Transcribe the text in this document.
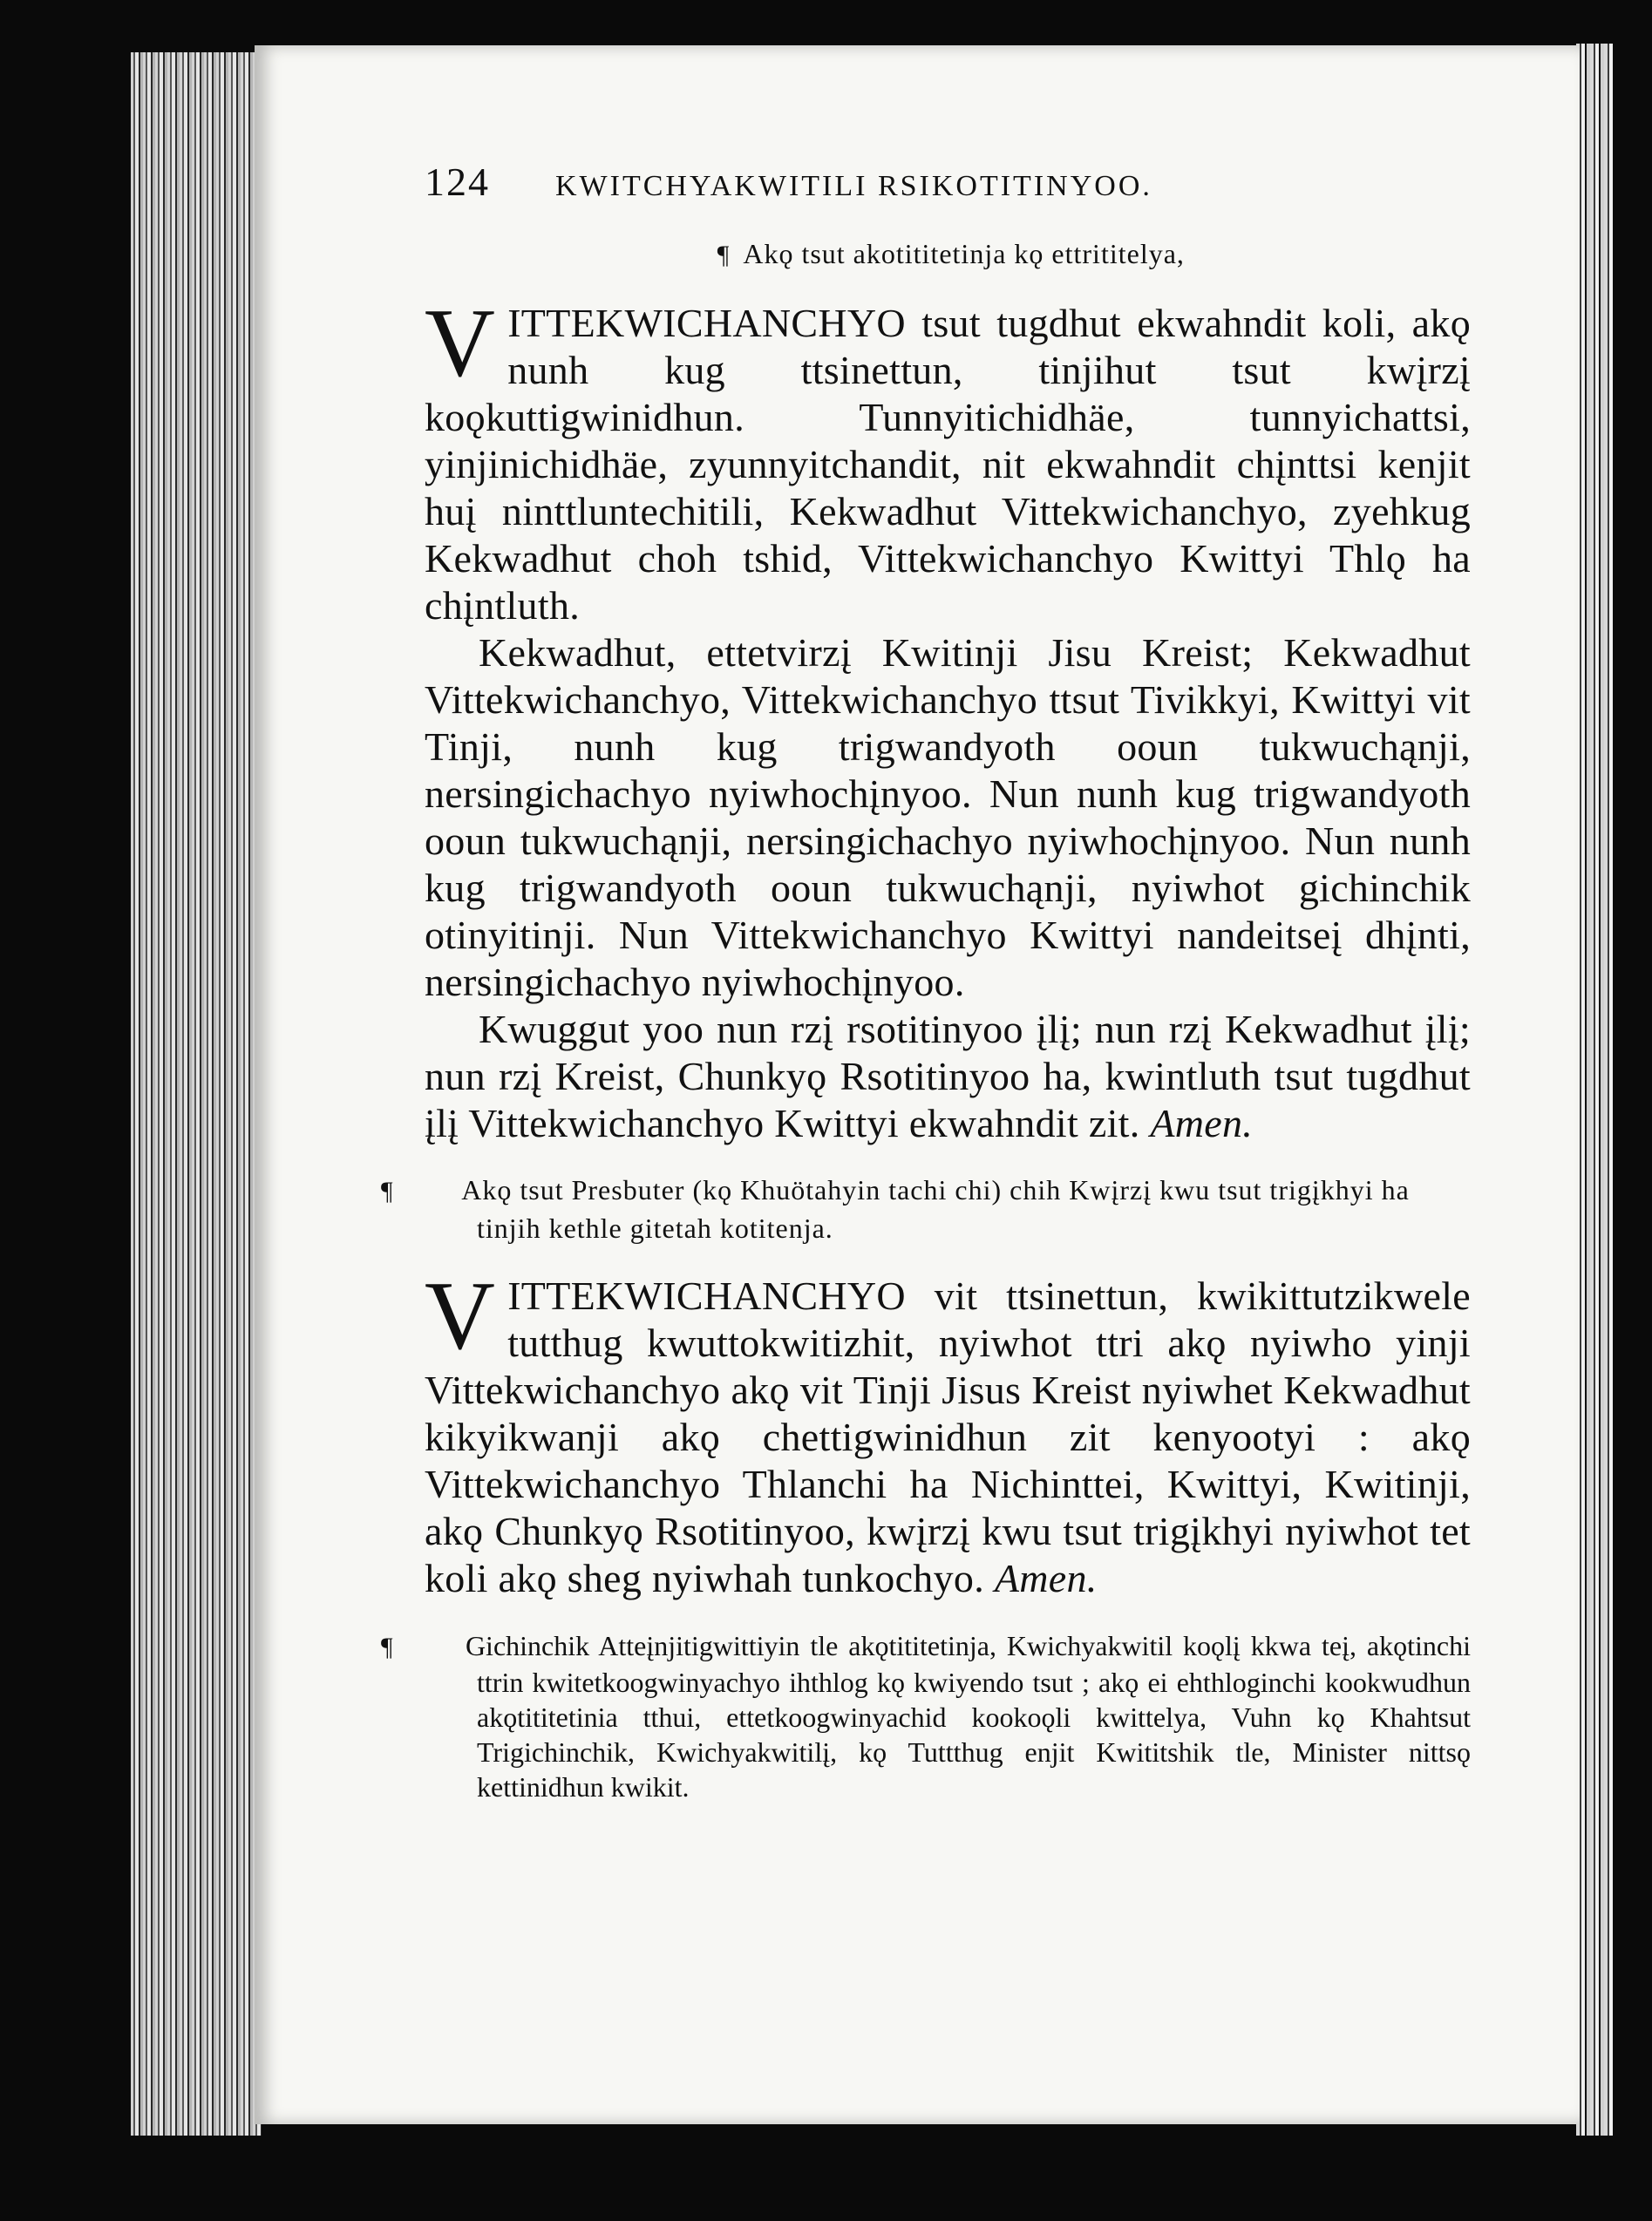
124	KWITCHYAKWITILI RSIKOTITINYOO.
¶ Akǫ tsut akotititetinja kǫ ettrititelya,

VITTEKWICHANCHYO tsut tugdhut ekwahndit koli, akǫ nunh kug ttsinettun, tinjihut tsut kwįrzį koǫkuttigwinidhun. Tunnyitichidhäe, tunnyichattsi, yinjinichidhäe, zyunnyitchandit, nit ekwahndit chįnttsi kenjit huį ninttluntechitili, Kekwadhut Vittekwichanchyo, zyehkug Kekwadhut choh tshid, Vittekwichanchyo Kwittyi Thlǫ ha chįntluth.

Kekwadhut, ettetvirzį Kwitinji Jisu Kreist; Kekwadhut Vittekwichanchyo, Vittekwichanchyo ttsut Tivikkyi, Kwittyi vit Tinji, nunh kug trigwandyoth ooun tukwuchąnji, nersingichachyo nyiwhochįnyoo. Nun nunh kug trigwandyoth ooun tukwuchąnji, nersingichachyo nyiwhochįnyoo. Nun nunh kug trigwandyoth ooun tukwuchąnji, nyiwhot gichinchik otinyitinji. Nun Vittekwichanchyo Kwittyi nandeitseį dhįnti, nersingichachyo nyiwhochįnyoo.

Kwuggut yoo nun rzį rsotitinyoo įlį; nun rzį Kekwadhut įlį; nun rzį Kreist, Chunkyǫ Rsotitinyoo ha, kwintluth tsut tugdhut įlį Vittekwichanchyo Kwittyi ekwahndit zit. Amen.

¶ Akǫ tsut Presbuter (kǫ Khuötahyin tachi chi) chih Kwįrzį kwu tsut trigįkhyi ha tinjih kethle gitetah kotitenja.

VITTEKWICHANCHYO vit ttsinettun, kwikittutzikwele tutthug kwuttokwitizhit, nyiwhot ttri akǫ nyiwho yinji Vittekwichanchyo akǫ vit Tinji Jisus Kreist nyiwhet Kekwadhut kikyikwanji akǫ chettigwinidhun zit kenyootyi : akǫ Vittekwichanchyo Thlanchi ha Nichinttei, Kwittyi, Kwitinji, akǫ Chunkyǫ Rsotitinyoo, kwįrzį kwu tsut trigįkhyi nyiwhot tet koli akǫ sheg nyiwhah tunkochyo. Amen.

¶	Gichinchik Atteįnjitigwittiyin tle akǫtititetinja, Kwichyakwitil koǫlį kkwa teį, akǫtinchi ttrin kwitetkoogwinyachyo ihthlog kǫ kwiyendo tsut ; akǫ ei ehthloginchi kookwudhun akǫtititetinia tthui, ettetkoogwinyachid kookoǫli kwittelya, Vuhn kǫ Khahtsut Trigichinchik, Kwichyakwitilį, kǫ Tuttthug enjit Kwititshik tle, Minister nittsǫ kettinidhun kwikit.
